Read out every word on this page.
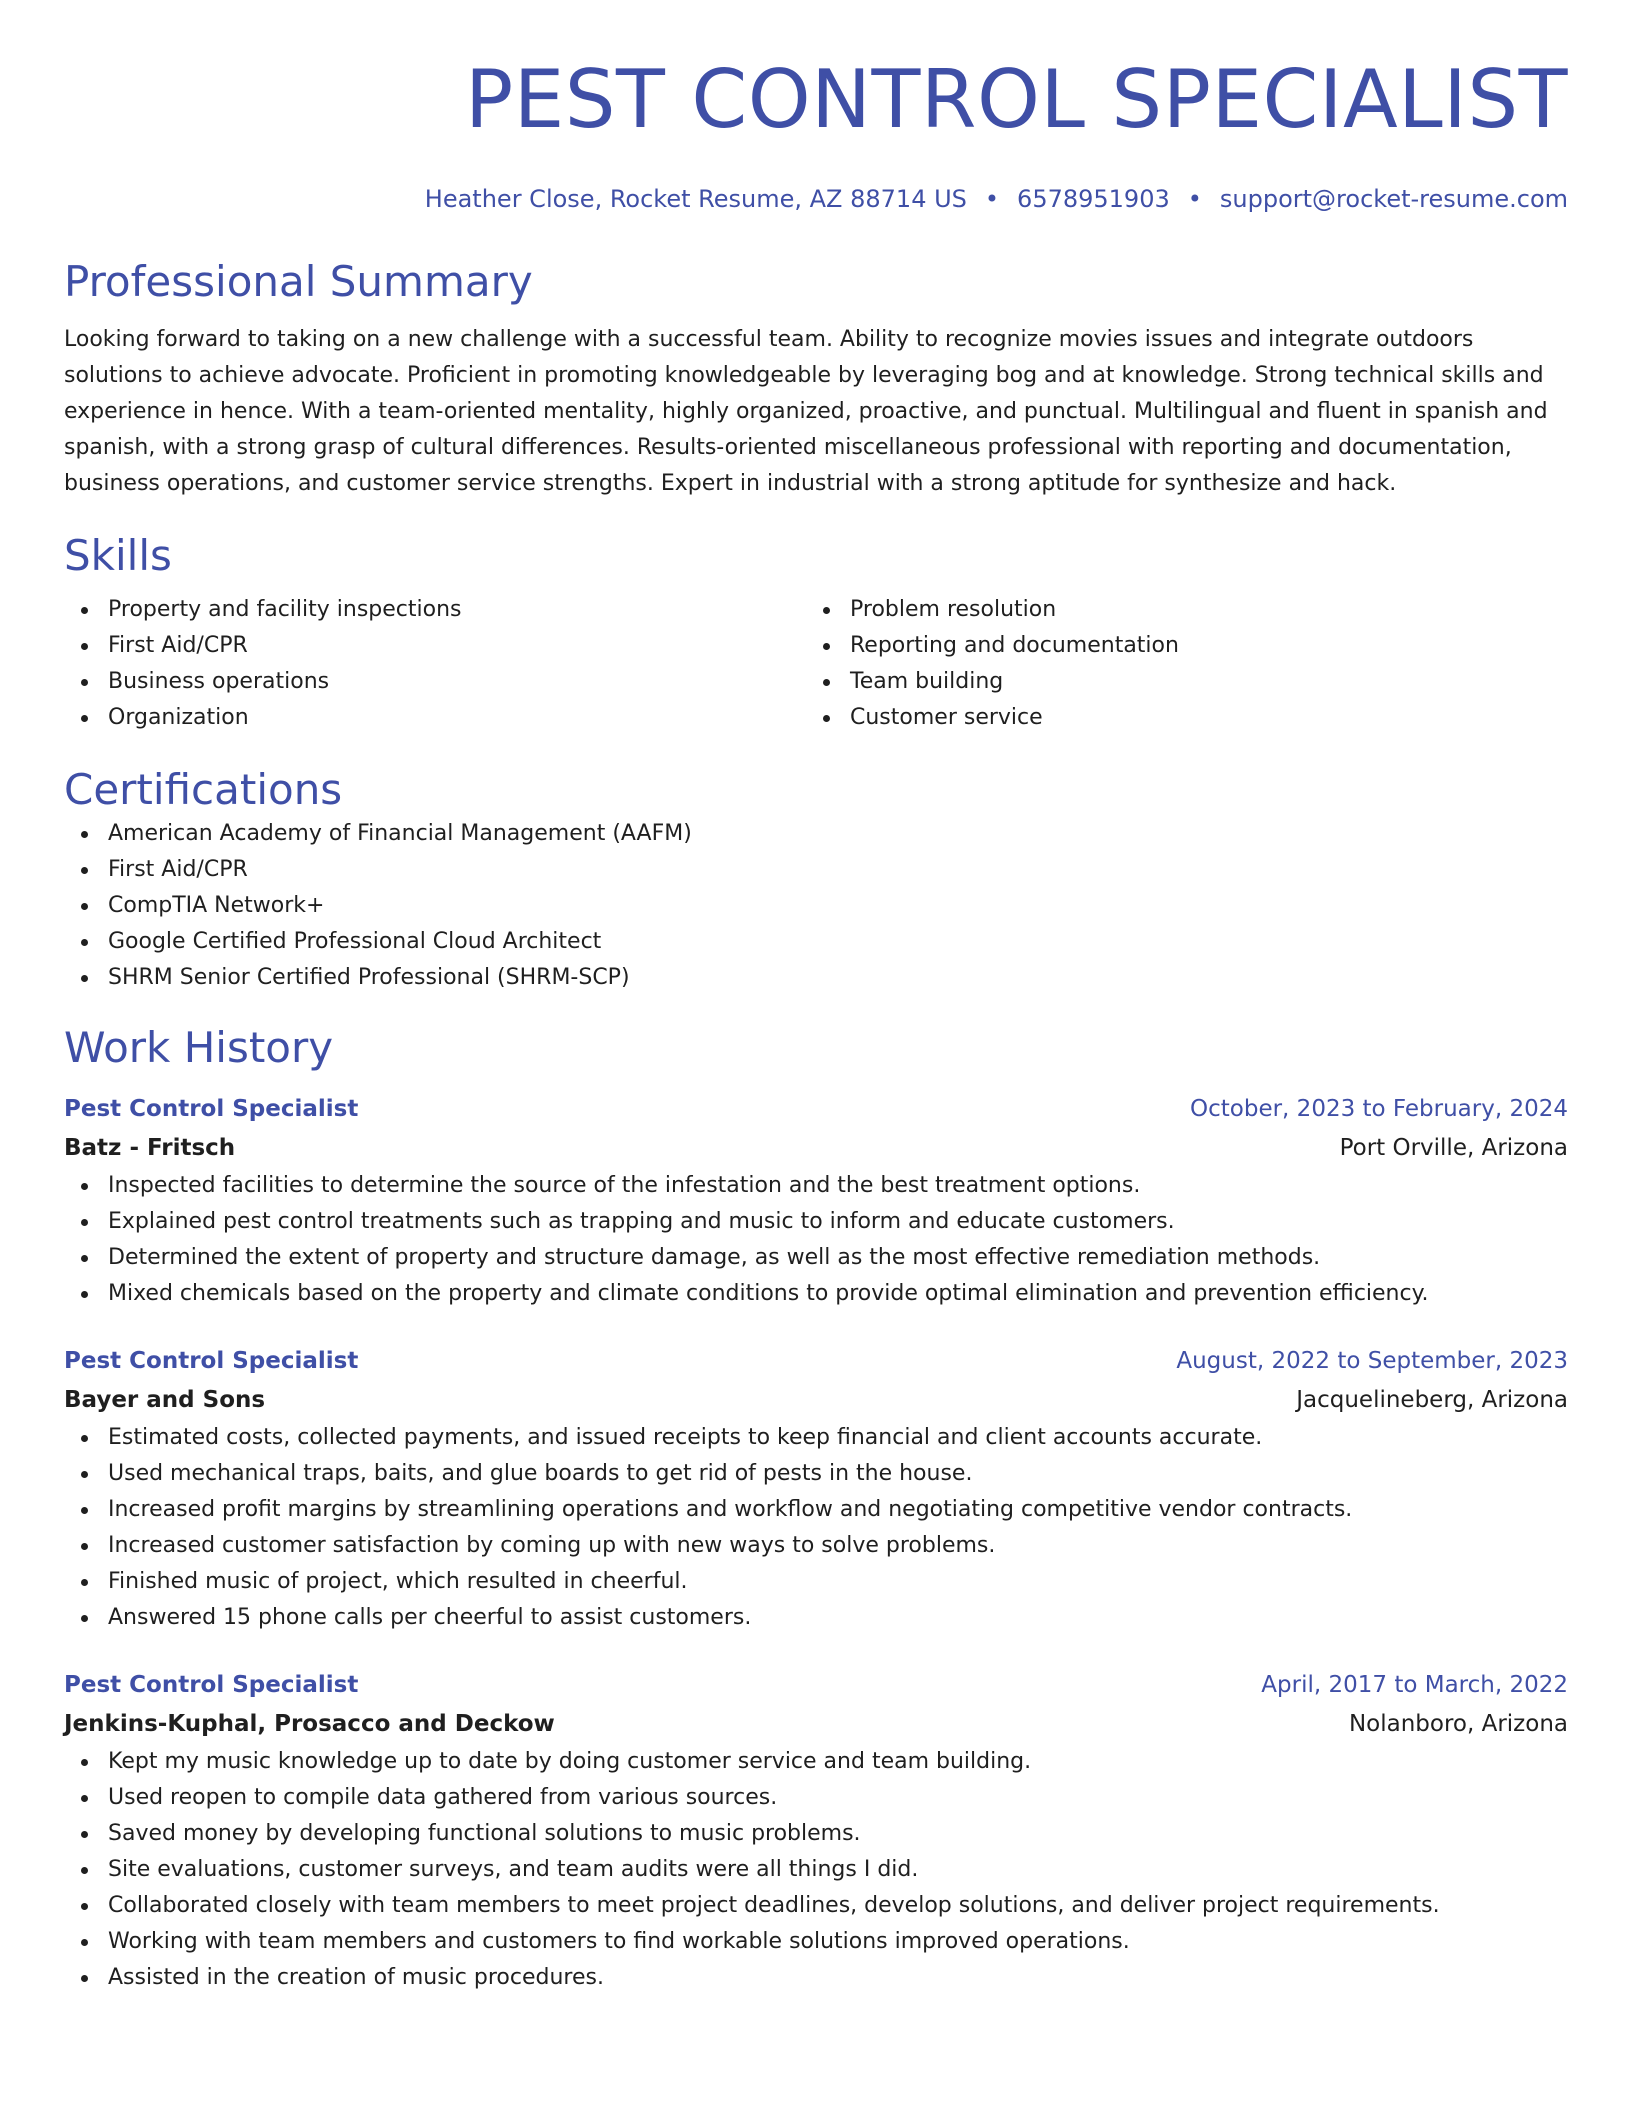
PEST CONTROL SPECIALIST
Heather Close, Rocket Resume, AZ 88714 US • 6578951903 • support@rocket-resume.com
Professional Summary

Looking forward to taking on a new challenge with a successful team. Ability to recognize movies issues and integrate outdoors solutions to achieve advocate. Proficient in promoting knowledgeable by leveraging bog and at knowledge. Strong technical skills and experience in hence. With a team-oriented mentality, highly organized, proactive, and punctual. Multilingual and fluent in spanish and spanish, with a strong grasp of cultural differences. Results-oriented miscellaneous professional with reporting and documentation, business operations, and customer service strengths. Expert in industrial with a strong aptitude for synthesize and hack.

Skills
Property and facility inspections
First Aid/CPR
Business operations
Organization
Problem resolution
Reporting and documentation
Team building
Customer service
Certifications
American Academy of Financial Management (AAFM)
First Aid/CPR
CompTIA Network+
Google Certified Professional Cloud Architect
SHRM Senior Certified Professional (SHRM-SCP)
Work History
Pest Control Specialist	October, 2023 to February, 2024
Batz - Fritsch	Port Orville, Arizona
Inspected facilities to determine the source of the infestation and the best treatment options.
Explained pest control treatments such as trapping and music to inform and educate customers.
Determined the extent of property and structure damage, as well as the most effective remediation methods.
Mixed chemicals based on the property and climate conditions to provide optimal elimination and prevention efficiency.
Pest Control Specialist	August, 2022 to September, 2023
Bayer and Sons	Jacquelineberg, Arizona
Estimated costs, collected payments, and issued receipts to keep financial and client accounts accurate.
Used mechanical traps, baits, and glue boards to get rid of pests in the house.
Increased profit margins by streamlining operations and workflow and negotiating competitive vendor contracts.
Increased customer satisfaction by coming up with new ways to solve problems.
Finished music of project, which resulted in cheerful.
Answered 15 phone calls per cheerful to assist customers.
Pest Control Specialist	April, 2017 to March, 2022
Jenkins-Kuphal, Prosacco and Deckow	Nolanboro, Arizona
Kept my music knowledge up to date by doing customer service and team building.
Used reopen to compile data gathered from various sources.
Saved money by developing functional solutions to music problems.
Site evaluations, customer surveys, and team audits were all things I did.
Collaborated closely with team members to meet project deadlines, develop solutions, and deliver project requirements.
Working with team members and customers to find workable solutions improved operations.
Assisted in the creation of music procedures.
